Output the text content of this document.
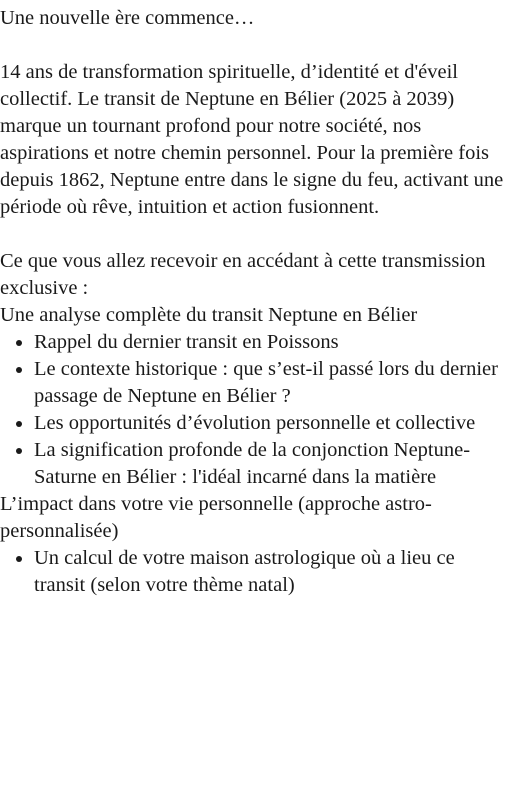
Une nouvelle ère commence…

14 ans de transformation spirituelle, d’identité et d'éveil collectif. Le transit de Neptune en Bélier (2025 à 2039) marque un tournant profond pour notre société, nos aspirations et notre chemin personnel. Pour la première fois depuis 1862, Neptune entre dans le signe du feu, activant une période où rêve, intuition et action fusionnent.

Ce que vous allez recevoir en accédant à cette transmission exclusive :

Une analyse complète du transit Neptune en Bélier

• Rappel du dernier transit en Poissons
• Le contexte historique : que s’est-il passé lors du dernier passage de Neptune en Bélier ?
• Les opportunités d’évolution personnelle et collective
• La signification profonde de la conjonction Neptune-Saturne en Bélier : l'idéal incarné dans la matière

L’impact dans votre vie personnelle (approche astro-personnalisée)

• Un calcul de votre maison astrologique où a lieu ce transit (selon votre thème natal)
